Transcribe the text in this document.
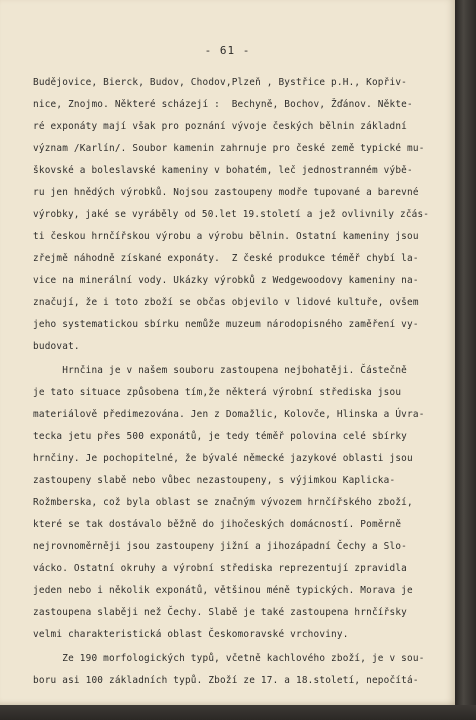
- 61 -
Budějovice, Bierck, Budov, Chodov,Plzeň , Bystřice p.H., Kopřiv-
nice, Znojmo. Některé scházejí :  Bechyně, Bochov, Žďánov. Někte-
ré exponáty mají však pro poznání vývoje českých bělnin základní
význam /Karlín/. Soubor kamenin zahrnuje pro české země typické mu-
škovské a boleslavské kameniny v bohatém, leč jednostranném výbě-
ru jen hnědých výrobků. Nojsou zastoupeny modře tupované a barevné
výrobky, jaké se vyráběly od 50.let 19.století a jež ovlivnily zčás-
ti českou hrnčířskou výrobu a výrobu bělnin. Ostatní kameniny jsou
zřejmě náhodně získané exponáty.  Z české produkce téměř chybí la-
vice na minerální vody. Ukázky výrobků z Wedgewoodovy kameniny na-
značují, že i toto zboží se občas objevilo v lidové kultuře, ovšem
jeho systematickou sbírku nemůže muzeum národopisného zaměření vy-
budovat.
Hrnčina je v našem souboru zastoupena nejbohatěji. Částečně
je tato situace způsobena tím,že některá výrobní střediska jsou
materiálově předimezována. Jen z Domažlic, Kolovče, Hlinska a Úvra-
tecka jetu přes 500 exponátů, je tedy téměř polovina celé sbírky
hrnčiny. Je pochopitelné, že bývalé německé jazykové oblasti jsou
zastoupeny slabě nebo vůbec nezastoupeny, s výjimkou Kaplicka-
Rožmberska, což byla oblast se značným vývozem hrnčířského zboží,
které se tak dostávalo běžně do jihočeských domácností. Poměrně
nejrovnoměrněji jsou zastoupeny jižní a jihozápadní Čechy a Slo-
vácko. Ostatní okruhy a výrobní střediska reprezentují zpravidla
jeden nebo i několik exponátů, většinou méně typických. Morava je
zastoupena slaběji než Čechy. Slabě je také zastoupena hrnčířsky
velmi charakteristická oblast Českomoravské vrchoviny.
Ze 190 morfologických typů, včetně kachlového zboží, je v sou-
boru asi 100 základních typů. Zboží ze 17. a 18.století, nepočítá-
